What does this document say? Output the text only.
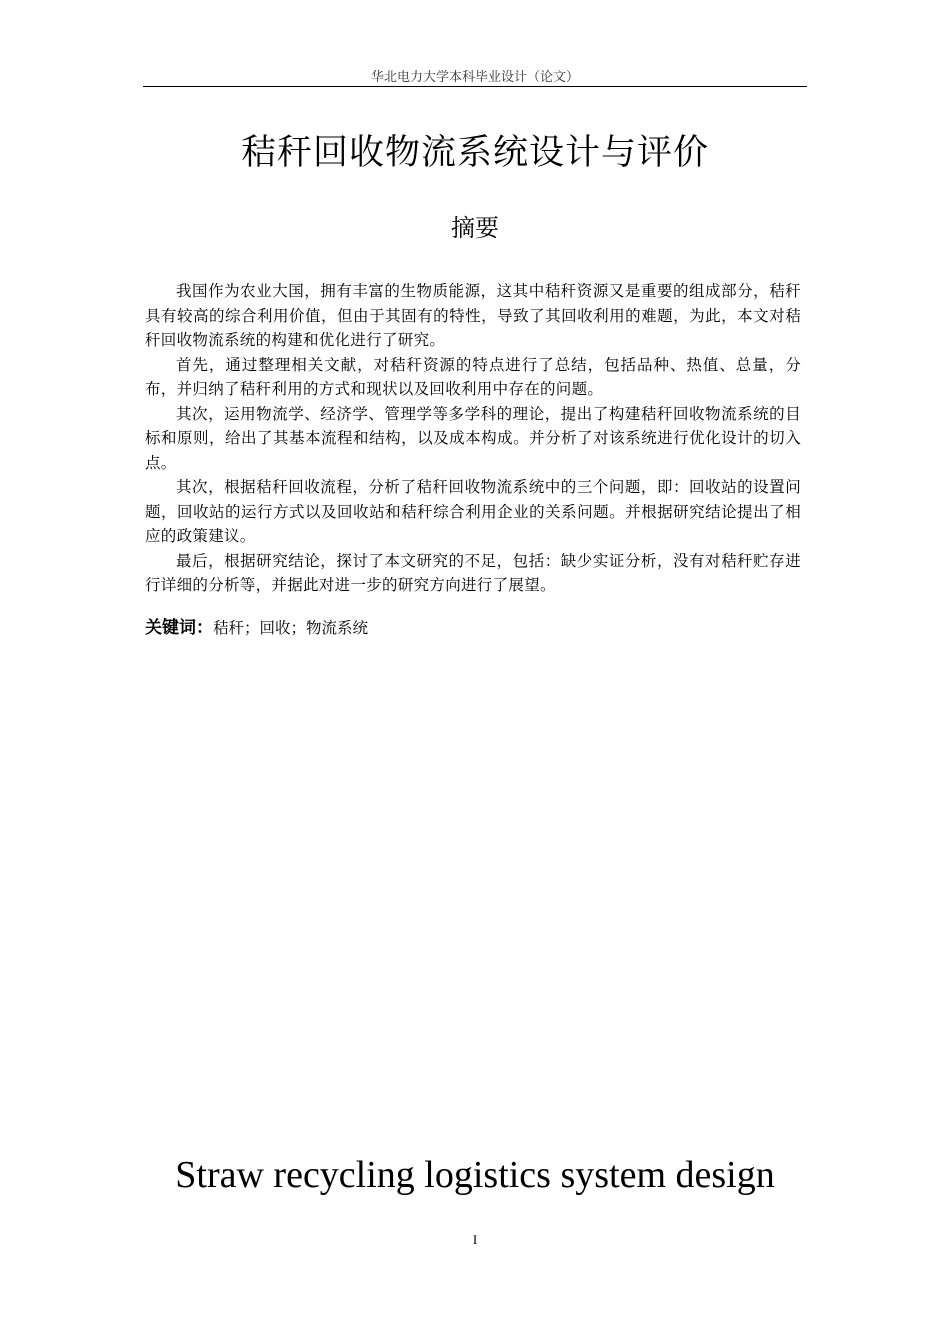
华北电力大学本科毕业设计（论文）
秸秆回收物流系统设计与评价
摘要

我国作为农业大国，拥有丰富的生物质能源，这其中秸秆资源又是重要的组成部分，秸秆具有较高的综合利用价值，但由于其固有的特性，导致了其回收利用的难题，为此，本文对秸秆回收物流系统的构建和优化进行了研究。

首先，通过整理相关文献，对秸秆资源的特点进行了总结，包括品种、热值、总量，分布，并归纳了秸秆利用的方式和现状以及回收利用中存在的问题。

其次，运用物流学、经济学、管理学等多学科的理论，提出了构建秸秆回收物流系统的目标和原则，给出了其基本流程和结构，以及成本构成。并分析了对该系统进行优化设计的切入点。

其次，根据秸秆回收流程，分析了秸秆回收物流系统中的三个问题，即：回收站的设置问题，回收站的运行方式以及回收站和秸秆综合利用企业的关系问题。并根据研究结论提出了相应的政策建议。

最后，根据研究结论，探讨了本文研究的不足，包括：缺少实证分析，没有对秸秆贮存进行详细的分析等，并据此对进一步的研究方向进行了展望。

关键词：秸秆；回收；物流系统
Straw recycling logistics system design
I
